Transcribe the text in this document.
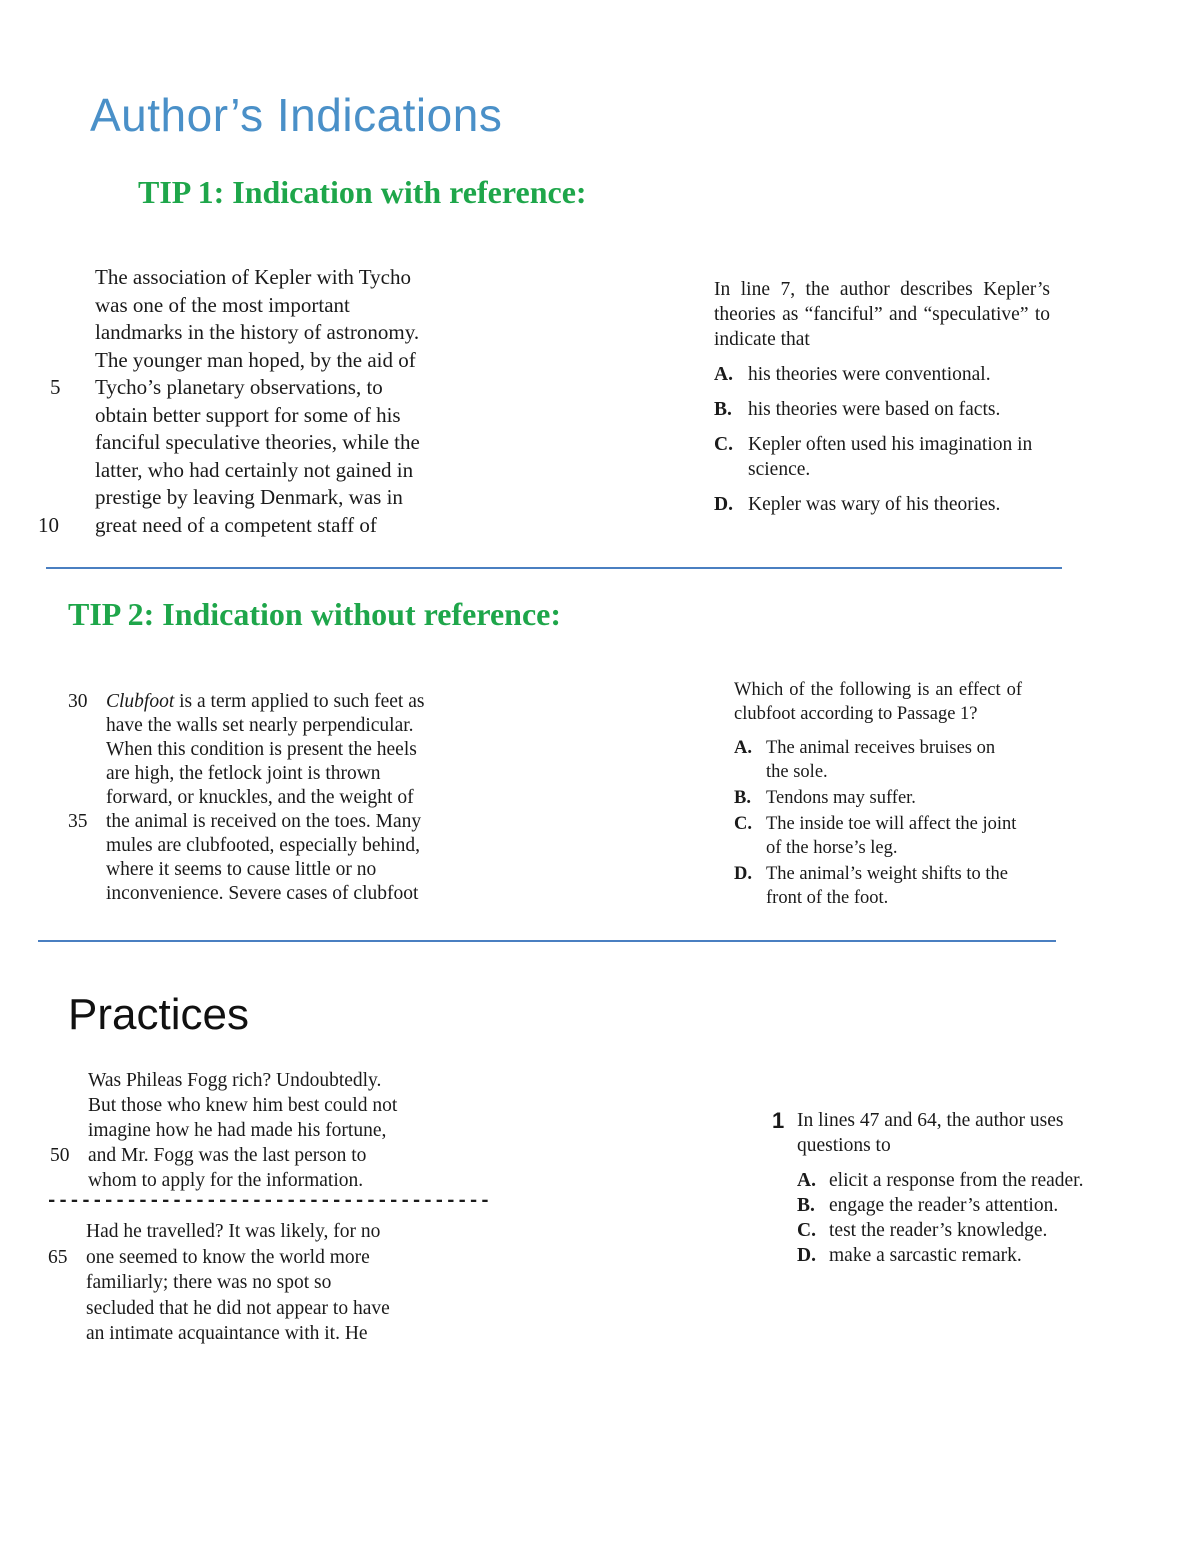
Author’s Indications
TIP 1: Indication with reference:
The association of Kepler with Tycho
was one of the most important
landmarks in the history of astronomy.
The younger man hoped, by the aid of
5 Tycho’s planetary observations, to
obtain better support for some of his
fanciful speculative theories, while the
latter, who had certainly not gained in
prestige by leaving Denmark, was in
10 great need of a competent staff of
In line 7, the author describes Kepler’s theories as “fanciful” and “speculative” to indicate that
A. his theories were conventional.
B. his theories were based on facts.
C. Kepler often used his imagination in science.
D. Kepler was wary of his theories.
TIP 2: Indication without reference:
30 Clubfoot is a term applied to such feet as
have the walls set nearly perpendicular.
When this condition is present the heels
are high, the fetlock joint is thrown
forward, or knuckles, and the weight of
35 the animal is received on the toes. Many
mules are clubfooted, especially behind,
where it seems to cause little or no
inconvenience. Severe cases of clubfoot
Which of the following is an effect of clubfoot according to Passage 1?
A. The animal receives bruises on the sole.
B. Tendons may suffer.
C. The inside toe will affect the joint of the horse’s leg.
D. The animal’s weight shifts to the front of the foot.
Practices
Was Phileas Fogg rich? Undoubtedly.
But those who knew him best could not
imagine how he had made his fortune,
50 and Mr. Fogg was the last person to
whom to apply for the information.
---------------------------------------
Had he travelled? It was likely, for no
65 one seemed to know the world more
familiarly; there was no spot so
secluded that he did not appear to have
an intimate acquaintance with it. He
1 In lines 47 and 64, the author uses questions to
A. elicit a response from the reader.
B. engage the reader’s attention.
C. test the reader’s knowledge.
D. make a sarcastic remark.
